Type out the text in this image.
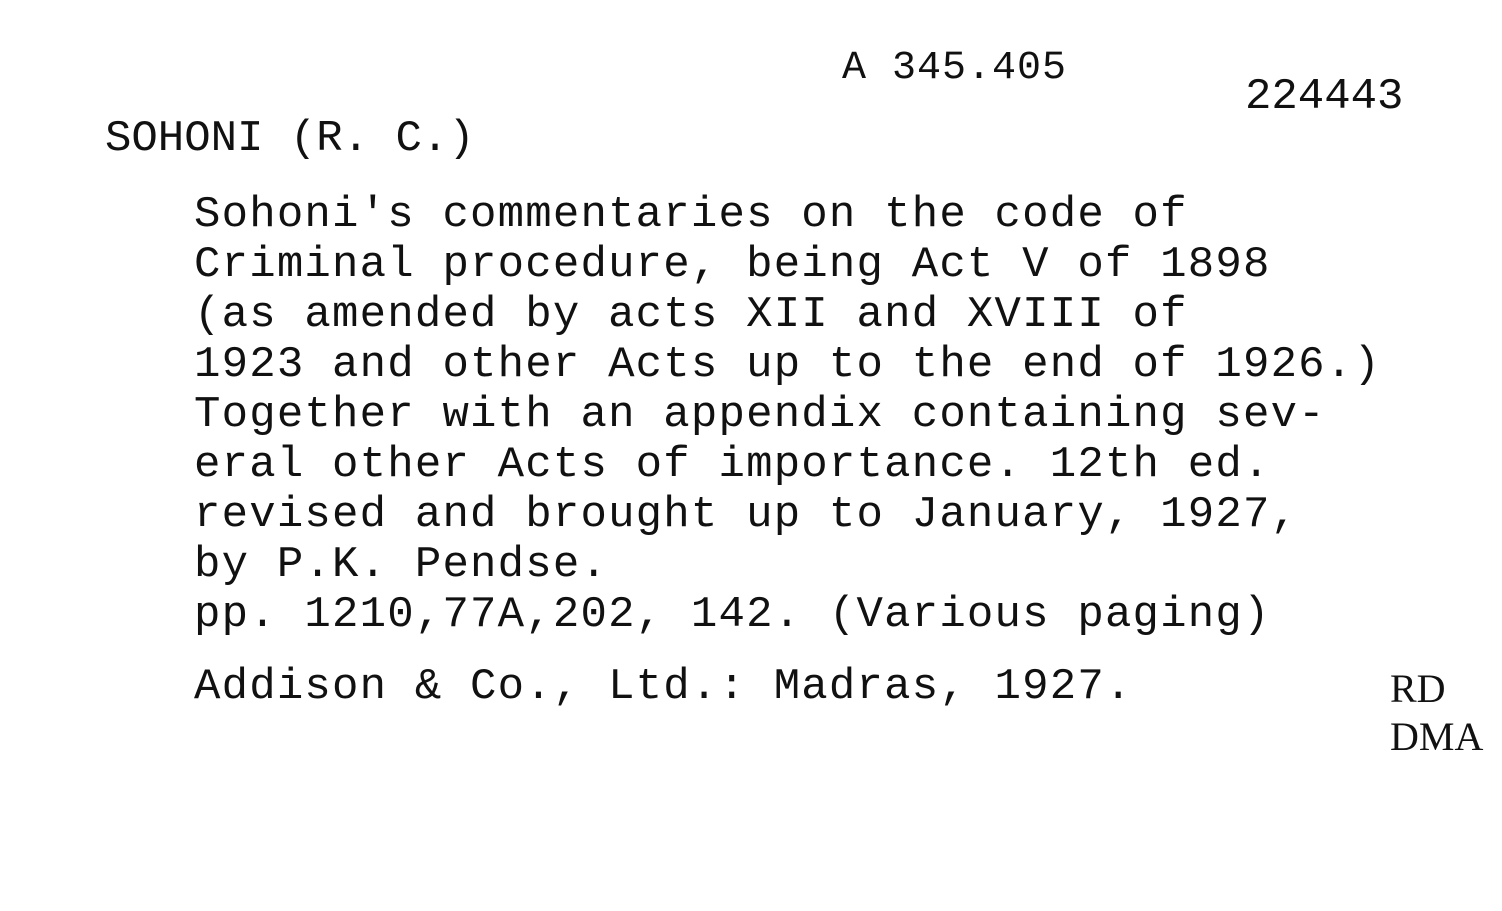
A 345.405
224443
SOHONI (R. C.)
Sohoni's commentaries on the code of
Criminal procedure, being Act V of 1898
(as amended by acts XII and XVIII of
1923 and other Acts up to the end of 1926.)
Together with an appendix containing sev-
eral other Acts of importance. 12th ed.
revised and brought up to January, 1927,
by P.K. Pendse.
pp. 1210,77A,202, 142. (Various paging)
Addison & Co., Ltd.: Madras, 1927.	RD
DMA
